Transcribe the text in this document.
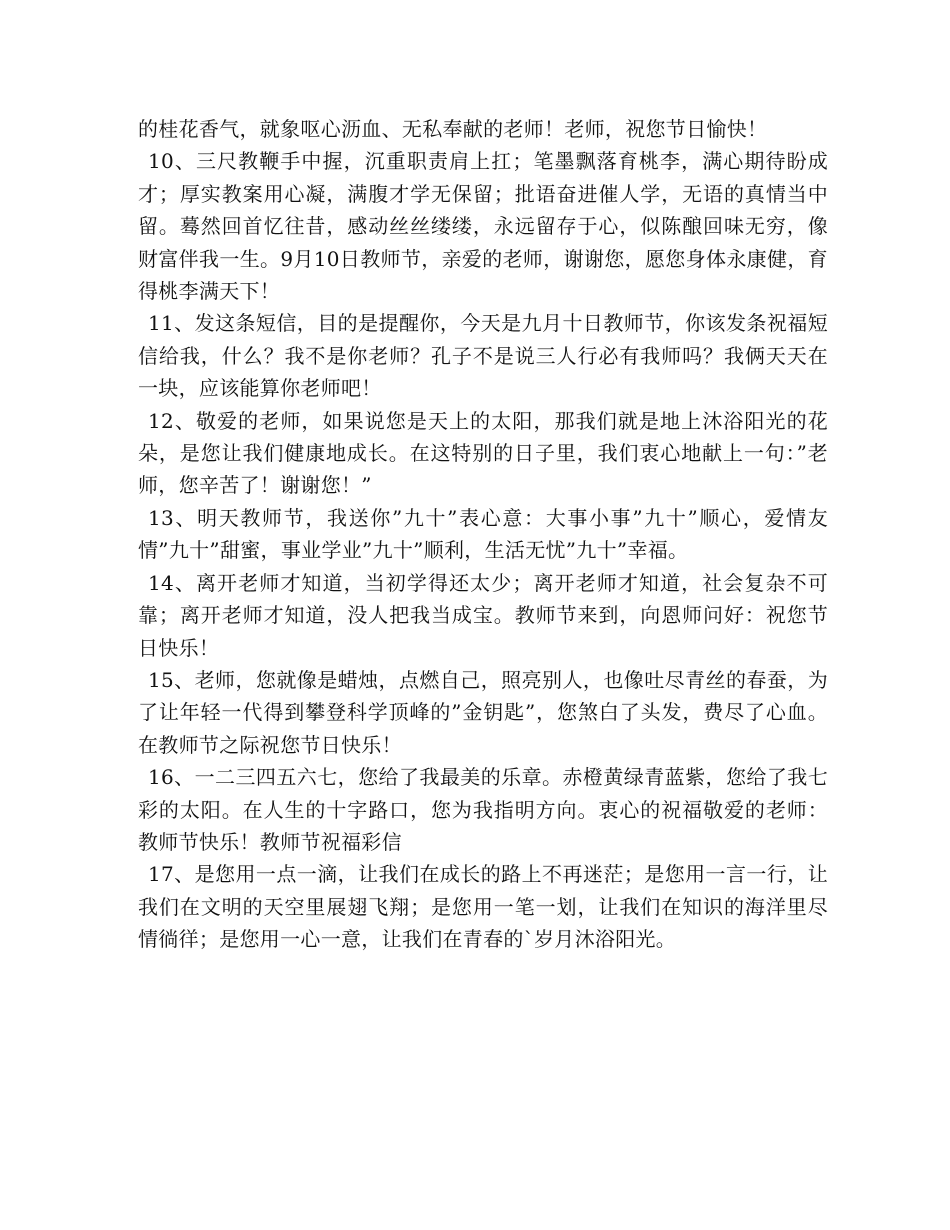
的桂花香气，就象呕心沥血、无私奉献的老师！老师，祝您节日愉快！

10、三尺教鞭手中握，沉重职责肩上扛；笔墨飘落育桃李，满心期待盼成才；厚实教案用心凝，满腹才学无保留；批语奋进催人学，无语的真情当中留。蓦然回首忆往昔，感动丝丝缕缕，永远留存于心，似陈酿回味无穷，像财富伴我一生。9月10日教师节，亲爱的老师，谢谢您，愿您身体永康健，育得桃李满天下！

11、发这条短信，目的是提醒你，今天是九月十日教师节，你该发条祝福短信给我，什么？我不是你老师？孔子不是说三人行必有我师吗？我俩天天在一块，应该能算你老师吧！

12、敬爱的老师，如果说您是天上的太阳，那我们就是地上沐浴阳光的花朵，是您让我们健康地成长。在这特别的日子里，我们衷心地献上一句：”老师，您辛苦了！谢谢您！”

13、明天教师节，我送你”九十”表心意：大事小事”九十”顺心，爱情友情”九十”甜蜜，事业学业”九十”顺利，生活无忧”九十”幸福。

14、离开老师才知道，当初学得还太少；离开老师才知道，社会复杂不可靠；离开老师才知道，没人把我当成宝。教师节来到，向恩师问好：祝您节日快乐！

15、老师，您就像是蜡烛，点燃自己，照亮别人，也像吐尽青丝的春蚕，为了让年轻一代得到攀登科学顶峰的”金钥匙”，您煞白了头发，费尽了心血。在教师节之际祝您节日快乐！

16、一二三四五六七，您给了我最美的乐章。赤橙黄绿青蓝紫，您给了我七彩的太阳。在人生的十字路口，您为我指明方向。衷心的祝福敬爱的老师：教师节快乐！教师节祝福彩信

17、是您用一点一滴，让我们在成长的路上不再迷茫；是您用一言一行，让我们在文明的天空里展翅飞翔；是您用一笔一划，让我们在知识的海洋里尽情徜徉；是您用一心一意，让我们在青春的`岁月沐浴阳光。
